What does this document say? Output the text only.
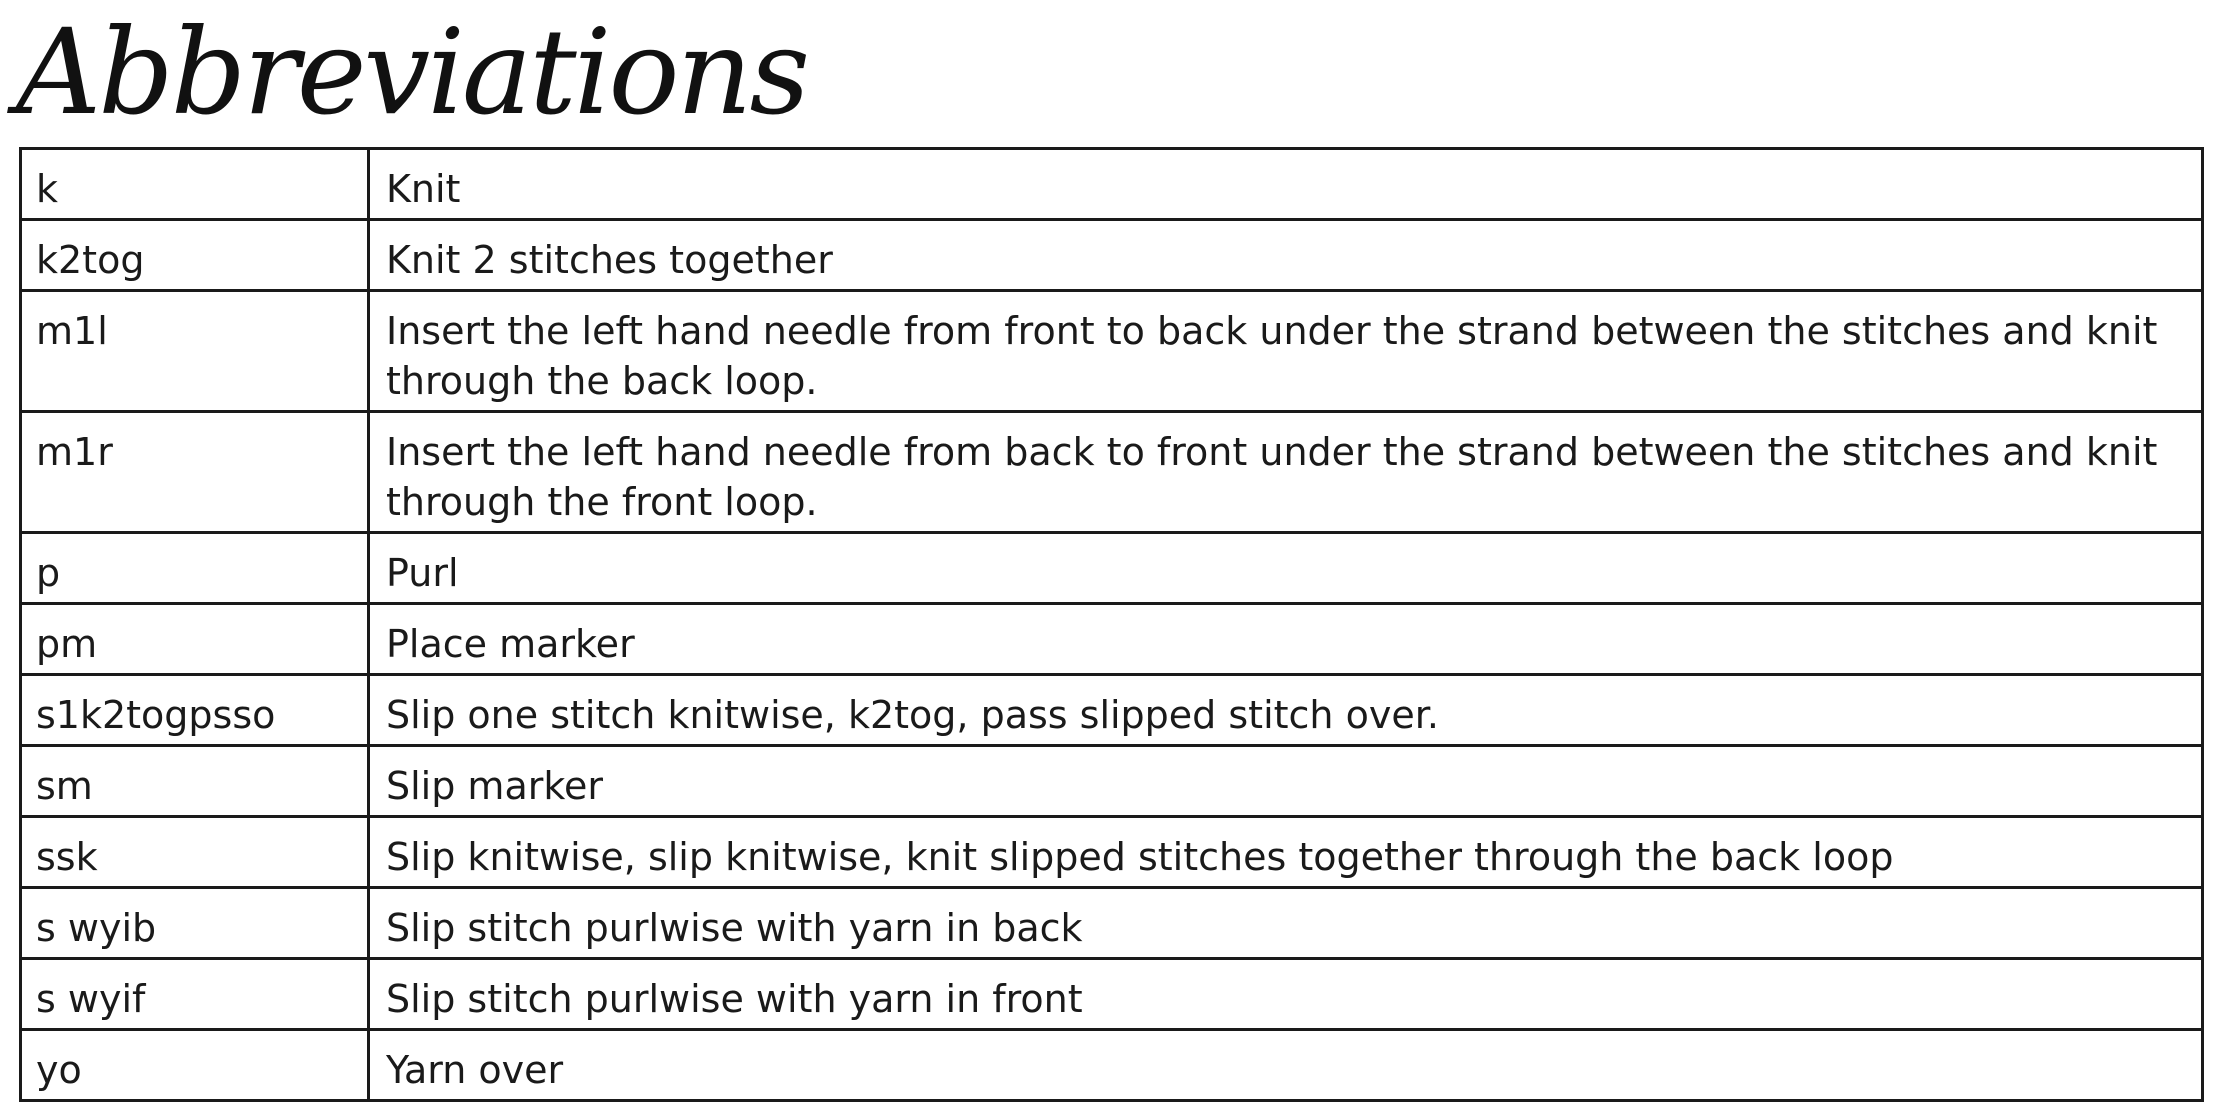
Abbreviations
k	Knit
k2tog	Knit 2 stitches together
m1l	Insert the left hand needle from front to back under the strand between the stitches and knit through the back loop.
m1r	Insert the left hand needle from back to front under the strand between the stitches and knit through the front loop.
p	Purl
pm	Place marker
s1k2togpsso	Slip one stitch knitwise, k2tog, pass slipped stitch over.
sm	Slip marker
ssk	Slip knitwise, slip knitwise, knit slipped stitches together through the back loop
s wyib	Slip stitch purlwise with yarn in back
s wyif	Slip stitch purlwise with yarn in front
yo	Yarn over
